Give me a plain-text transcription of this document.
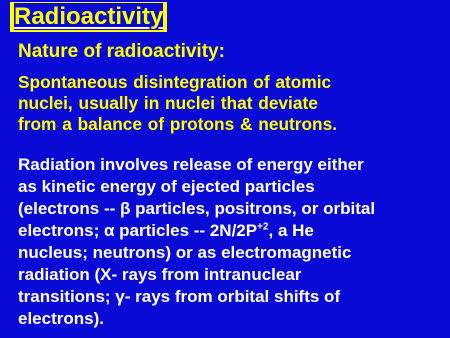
Radioactivity
Nature of radioactivity:

Spontaneous disintegration of atomic
nuclei, usually in nuclei that deviate
from a balance of protons & neutrons.

Radiation involves release of energy either
as kinetic energy of ejected particles
(electrons -- β particles, positrons, or orbital
electrons; α particles -- $2N/2P^{+2}$, a He
nucleus; neutrons) or as electromagnetic
radiation (X- rays from intranuclear
transitions; γ- rays from orbital shifts of
electrons).
